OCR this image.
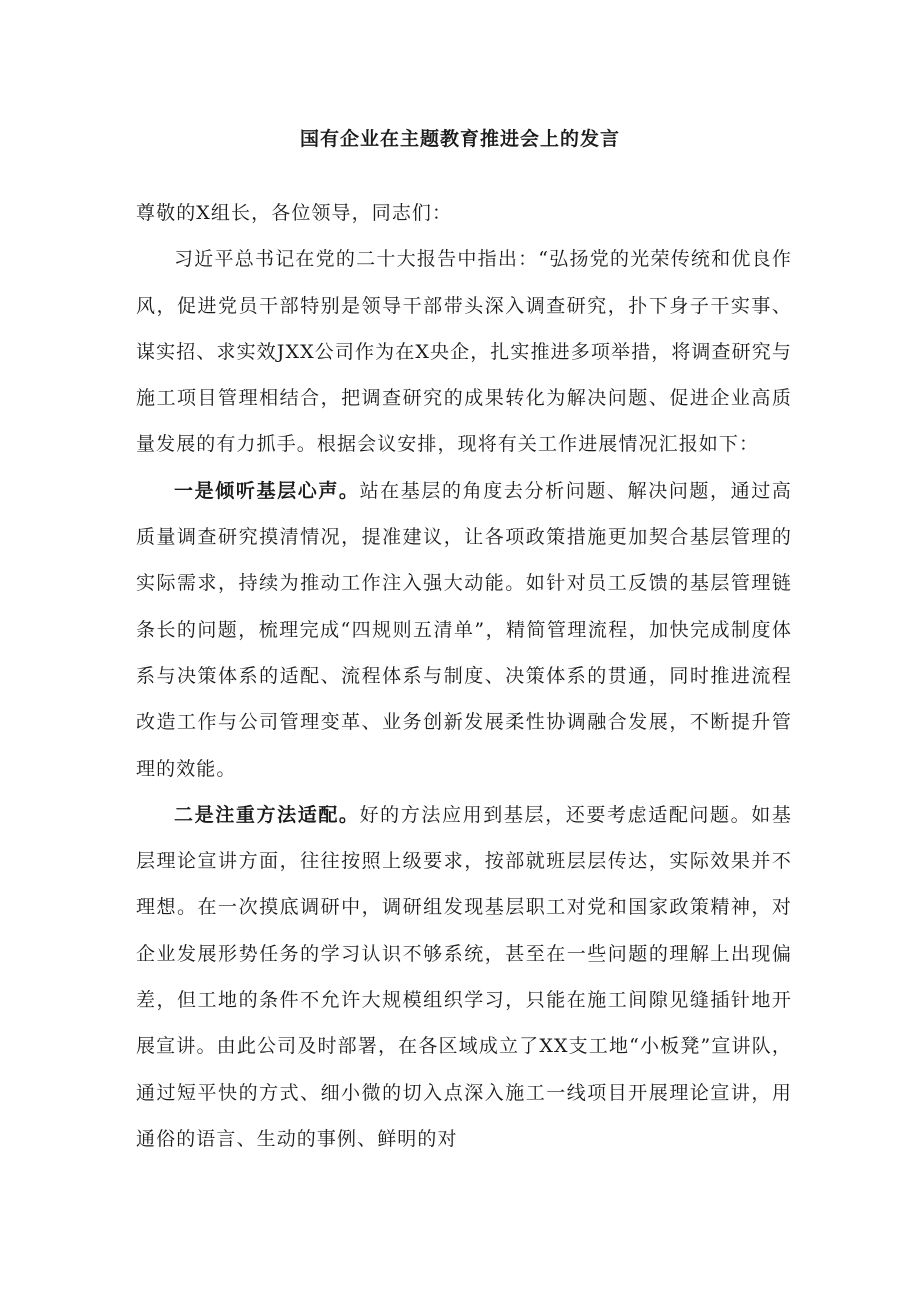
国有企业在主题教育推进会上的发言

尊敬的X组长，各位领导，同志们：

习近平总书记在党的二十大报告中指出：“弘扬党的光荣传统和优良作风，促进党员干部特别是领导干部带头深入调查研究，扑下身子干实事、谋实招、求实效JXX公司作为在X央企，扎实推进多项举措，将调查研究与施工项目管理相结合，把调查研究的成果转化为解决问题、促进企业高质量发展的有力抓手。根据会议安排，现将有关工作进展情况汇报如下：

一是倾听基层心声。站在基层的角度去分析问题、解决问题，通过高质量调查研究摸清情况，提准建议，让各项政策措施更加契合基层管理的实际需求，持续为推动工作注入强大动能。如针对员工反馈的基层管理链条长的问题，梳理完成“四规则五清单”，精简管理流程，加快完成制度体系与决策体系的适配、流程体系与制度、决策体系的贯通，同时推进流程改造工作与公司管理变革、业务创新发展柔性协调融合发展，不断提升管理的效能。

二是注重方法适配。好的方法应用到基层，还要考虑适配问题。如基层理论宣讲方面，往往按照上级要求，按部就班层层传达，实际效果并不理想。在一次摸底调研中，调研组发现基层职工对党和国家政策精神，对企业发展形势任务的学习认识不够系统，甚至在一些问题的理解上出现偏差，但工地的条件不允许大规模组织学习，只能在施工间隙见缝插针地开展宣讲。由此公司及时部署，在各区域成立了XX支工地“小板凳”宣讲队，通过短平快的方式、细小微的切入点深入施工一线项目开展理论宣讲，用通俗的语言、生动的事例、鲜明的对
